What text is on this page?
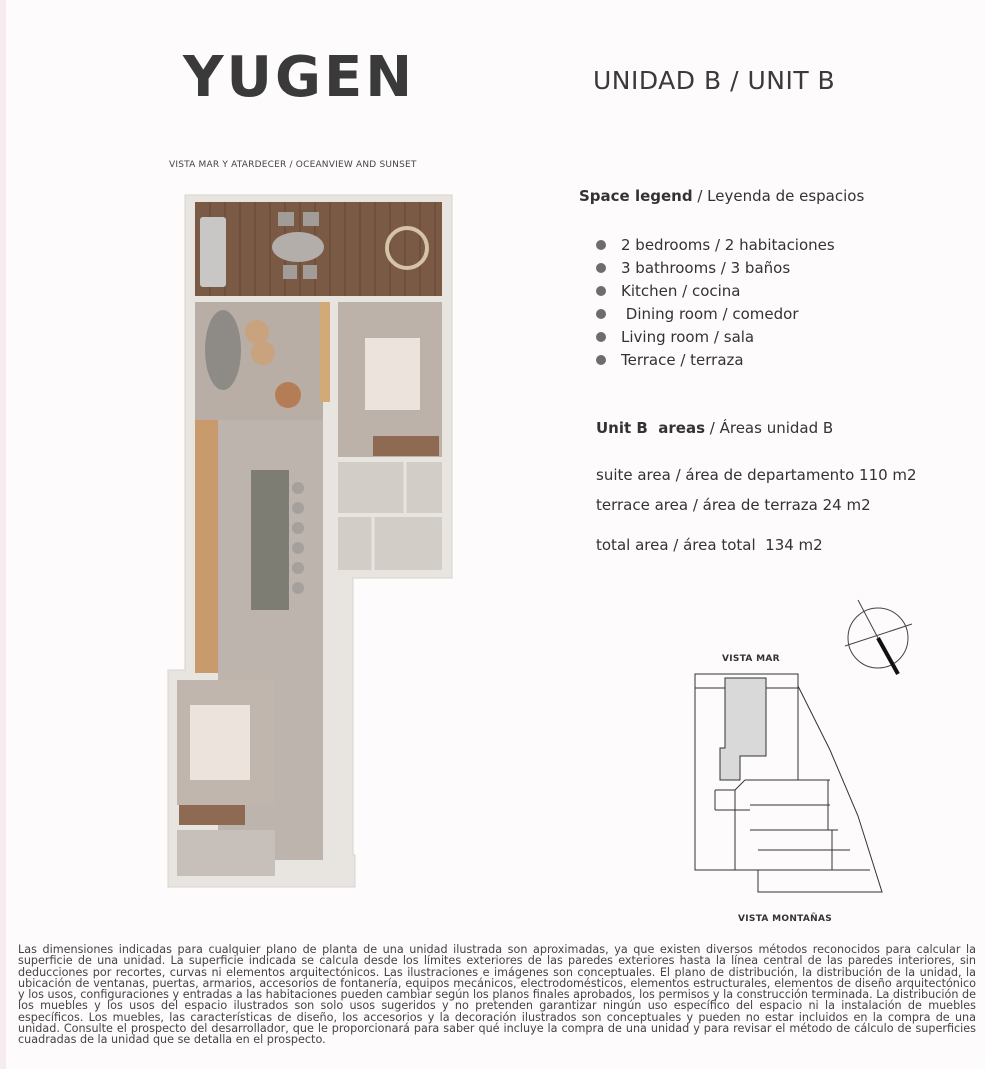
YUGEN	UNIDAD B / UNIT B
VISTA MAR Y ATARDECER / OCEANVIEW AND SUNSET
Space legend / Leyenda de espacios
2 bedrooms / 2 habitaciones
3 bathrooms / 3 baños
Kitchen / cocina
Dining room / comedor
Living room / sala
Terrace / terraza
Unit B  areas / Áreas unidad B
suite area / área de departamento 110 m2
terrace area / área de terraza 24 m2
total area / área total  134 m2
VISTA MAR
VISTA MONTAÑAS
Las dimensiones indicadas para cualquier plano de planta de una unidad ilustrada son aproximadas, ya que existen diversos métodos reconocidos para calcular la superficie de una unidad. La superficie indicada se calcula desde los límites exteriores de las paredes exteriores hasta la línea central de las paredes interiores, sin deducciones por recortes, curvas ni elementos arquitectónicos. Las ilustraciones e imágenes son conceptuales. El plano de distribución, la distribución de la unidad, la ubicación de ventanas, puertas, armarios, accesorios de fontanería, equipos mecánicos, electrodomésticos, elementos estructurales, elementos de diseño arquitectónico y los usos, configuraciones y entradas a las habitaciones pueden cambiar según los planos finales aprobados, los permisos y la construcción terminada. La distribución de los muebles y los usos del espacio ilustrados son solo usos sugeridos y no pretenden garantizar ningún uso específico del espacio ni la instalación de muebles específicos. Los muebles, las características de diseño, los accesorios y la decoración ilustrados son conceptuales y pueden no estar incluidos en la compra de una unidad. Consulte el prospecto del desarrollador, que le proporcionará para saber qué incluye la compra de una unidad y para revisar el método de cálculo de superficies cuadradas de la unidad que se detalla en el prospecto.
